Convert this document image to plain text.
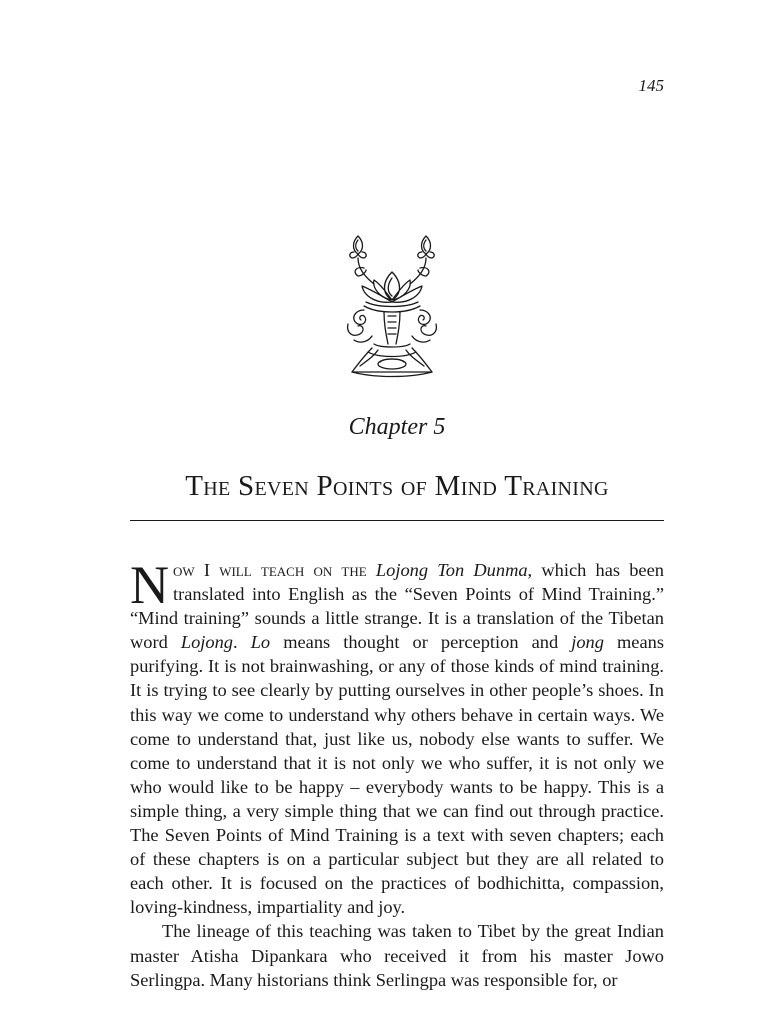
145
Chapter 5
The Seven Points of Mind Training

Now I will teach on the Lojong Ton Dunma, which has been translated into English as the “Seven Points of Mind Training.” “Mind training” sounds a little strange. It is a translation of the Tibetan word Lojong. Lo means thought or perception and jong means purifying. It is not brainwashing, or any of those kinds of mind training. It is trying to see clearly by putting ourselves in other people’s shoes. In this way we come to understand why others behave in certain ways. We come to understand that, just like us, nobody else wants to suffer. We come to understand that it is not only we who suffer, it is not only we who would like to be happy – everybody wants to be happy. This is a simple thing, a very simple thing that we can find out through practice. The Seven Points of Mind Training is a text with seven chapters; each of these chapters is on a particular subject but they are all related to each other. It is focused on the practices of bodhichitta, compassion, loving-kindness, impartiality and joy.

The lineage of this teaching was taken to Tibet by the great Indian master Atisha Dipankara who received it from his master Jowo Serlingpa. Many historians think Serlingpa was responsible for, or
